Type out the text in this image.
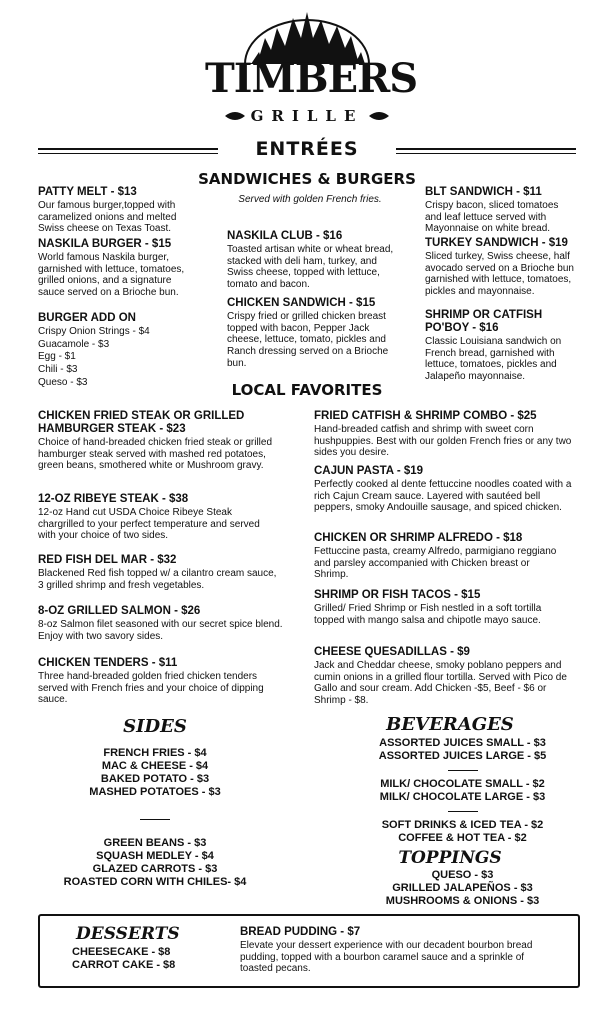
TIMBERS
GRILLE
ENTRÉES
SANDWICHES & BURGERS
Served with golden French fries.
PATTY MELT - $13
Our famous burger,topped with caramelized onions and melted Swiss cheese on Texas Toast.
NASKILA BURGER - $15
World famous Naskila burger, garnished with lettuce, tomatoes, grilled onions, and a signature sauce served on a Brioche bun.
BURGER ADD ON
Crispy Onion Strings - $4
Guacamole - $3
Egg - $1
Chili - $3
Queso - $3
NASKILA CLUB - $16
Toasted artisan white or wheat bread, stacked with deli ham, turkey, and Swiss cheese, topped with lettuce, tomato and bacon.
CHICKEN SANDWICH - $15
Crispy fried or grilled chicken breast topped with bacon, Pepper Jack cheese, lettuce, tomato, pickles and Ranch dressing served on a Brioche bun.
BLT SANDWICH - $11
Crispy bacon, sliced tomatoes and leaf lettuce served with Mayonnaise on white bread.
TURKEY SANDWICH - $19
Sliced turkey, Swiss cheese, half avocado served on a Brioche bun garnished with lettuce, tomatoes, pickles and mayonnaise.
SHRIMP OR CATFISH PO'BOY - $16
Classic Louisiana sandwich on French bread, garnished with lettuce, tomatoes, pickles and Jalapeño mayonnaise.
LOCAL FAVORITES
CHICKEN FRIED STEAK OR GRILLED HAMBURGER STEAK - $23
Choice of hand-breaded chicken fried steak or grilled hamburger steak served with mashed red potatoes, green beans, smothered white or Mushroom gravy.
12-OZ RIBEYE STEAK - $38
12-oz Hand cut USDA Choice Ribeye Steak chargrilled to your perfect temperature and served with your choice of two sides.
RED FISH DEL MAR - $32
Blackened Red fish topped w/ a cilantro cream sauce, 3 grilled shrimp and fresh vegetables.
8-OZ GRILLED SALMON - $26
8-oz Salmon filet seasoned with our secret spice blend. Enjoy with two savory sides.
CHICKEN TENDERS - $11
Three hand-breaded golden fried chicken tenders served with French fries and your choice of dipping sauce.
FRIED CATFISH & SHRIMP COMBO - $25
Hand-breaded catfish and shrimp with sweet corn hushpuppies. Best with our golden French fries or any two sides you desire.
CAJUN PASTA - $19
Perfectly cooked al dente fettuccine noodles coated with a rich Cajun Cream sauce. Layered with sautéed bell peppers, smoky Andouille sausage, and spiced chicken.
CHICKEN OR SHRIMP ALFREDO - $18
Fettuccine pasta, creamy Alfredo, parmigiano reggiano and parsley accompanied with Chicken breast or Shrimp.
SHRIMP OR FISH TACOS - $15
Grilled/ Fried Shrimp or Fish nestled in a soft tortilla topped with mango salsa and chipotle mayo sauce.
CHEESE QUESADILLAS - $9
Jack and Cheddar cheese, smoky poblano peppers and cumin onions in a grilled flour tortilla. Served with Pico de Gallo and sour cream. Add Chicken -$5, Beef - $6 or Shrimp - $8.
SIDES
FRENCH FRIES - $4
MAC & CHEESE - $4
BAKED POTATO - $3
MASHED POTATOES - $3
GREEN BEANS - $3
SQUASH MEDLEY - $4
GLAZED CARROTS - $3
ROASTED CORN WITH CHILES- $4
BEVERAGES
ASSORTED JUICES SMALL - $3
ASSORTED JUICES LARGE - $5
MILK/ CHOCOLATE SMALL - $2
MILK/ CHOCOLATE LARGE - $3
SOFT DRINKS & ICED TEA - $2
COFFEE & HOT TEA - $2
TOPPINGS
QUESO - $3
GRILLED JALAPEÑOS - $3
MUSHROOMS & ONIONS - $3
DESSERTS
CHEESECAKE - $8
CARROT CAKE - $8
BREAD PUDDING - $7
Elevate your dessert experience with our decadent bourbon bread pudding, topped with a bourbon caramel sauce and a sprinkle of toasted pecans.
